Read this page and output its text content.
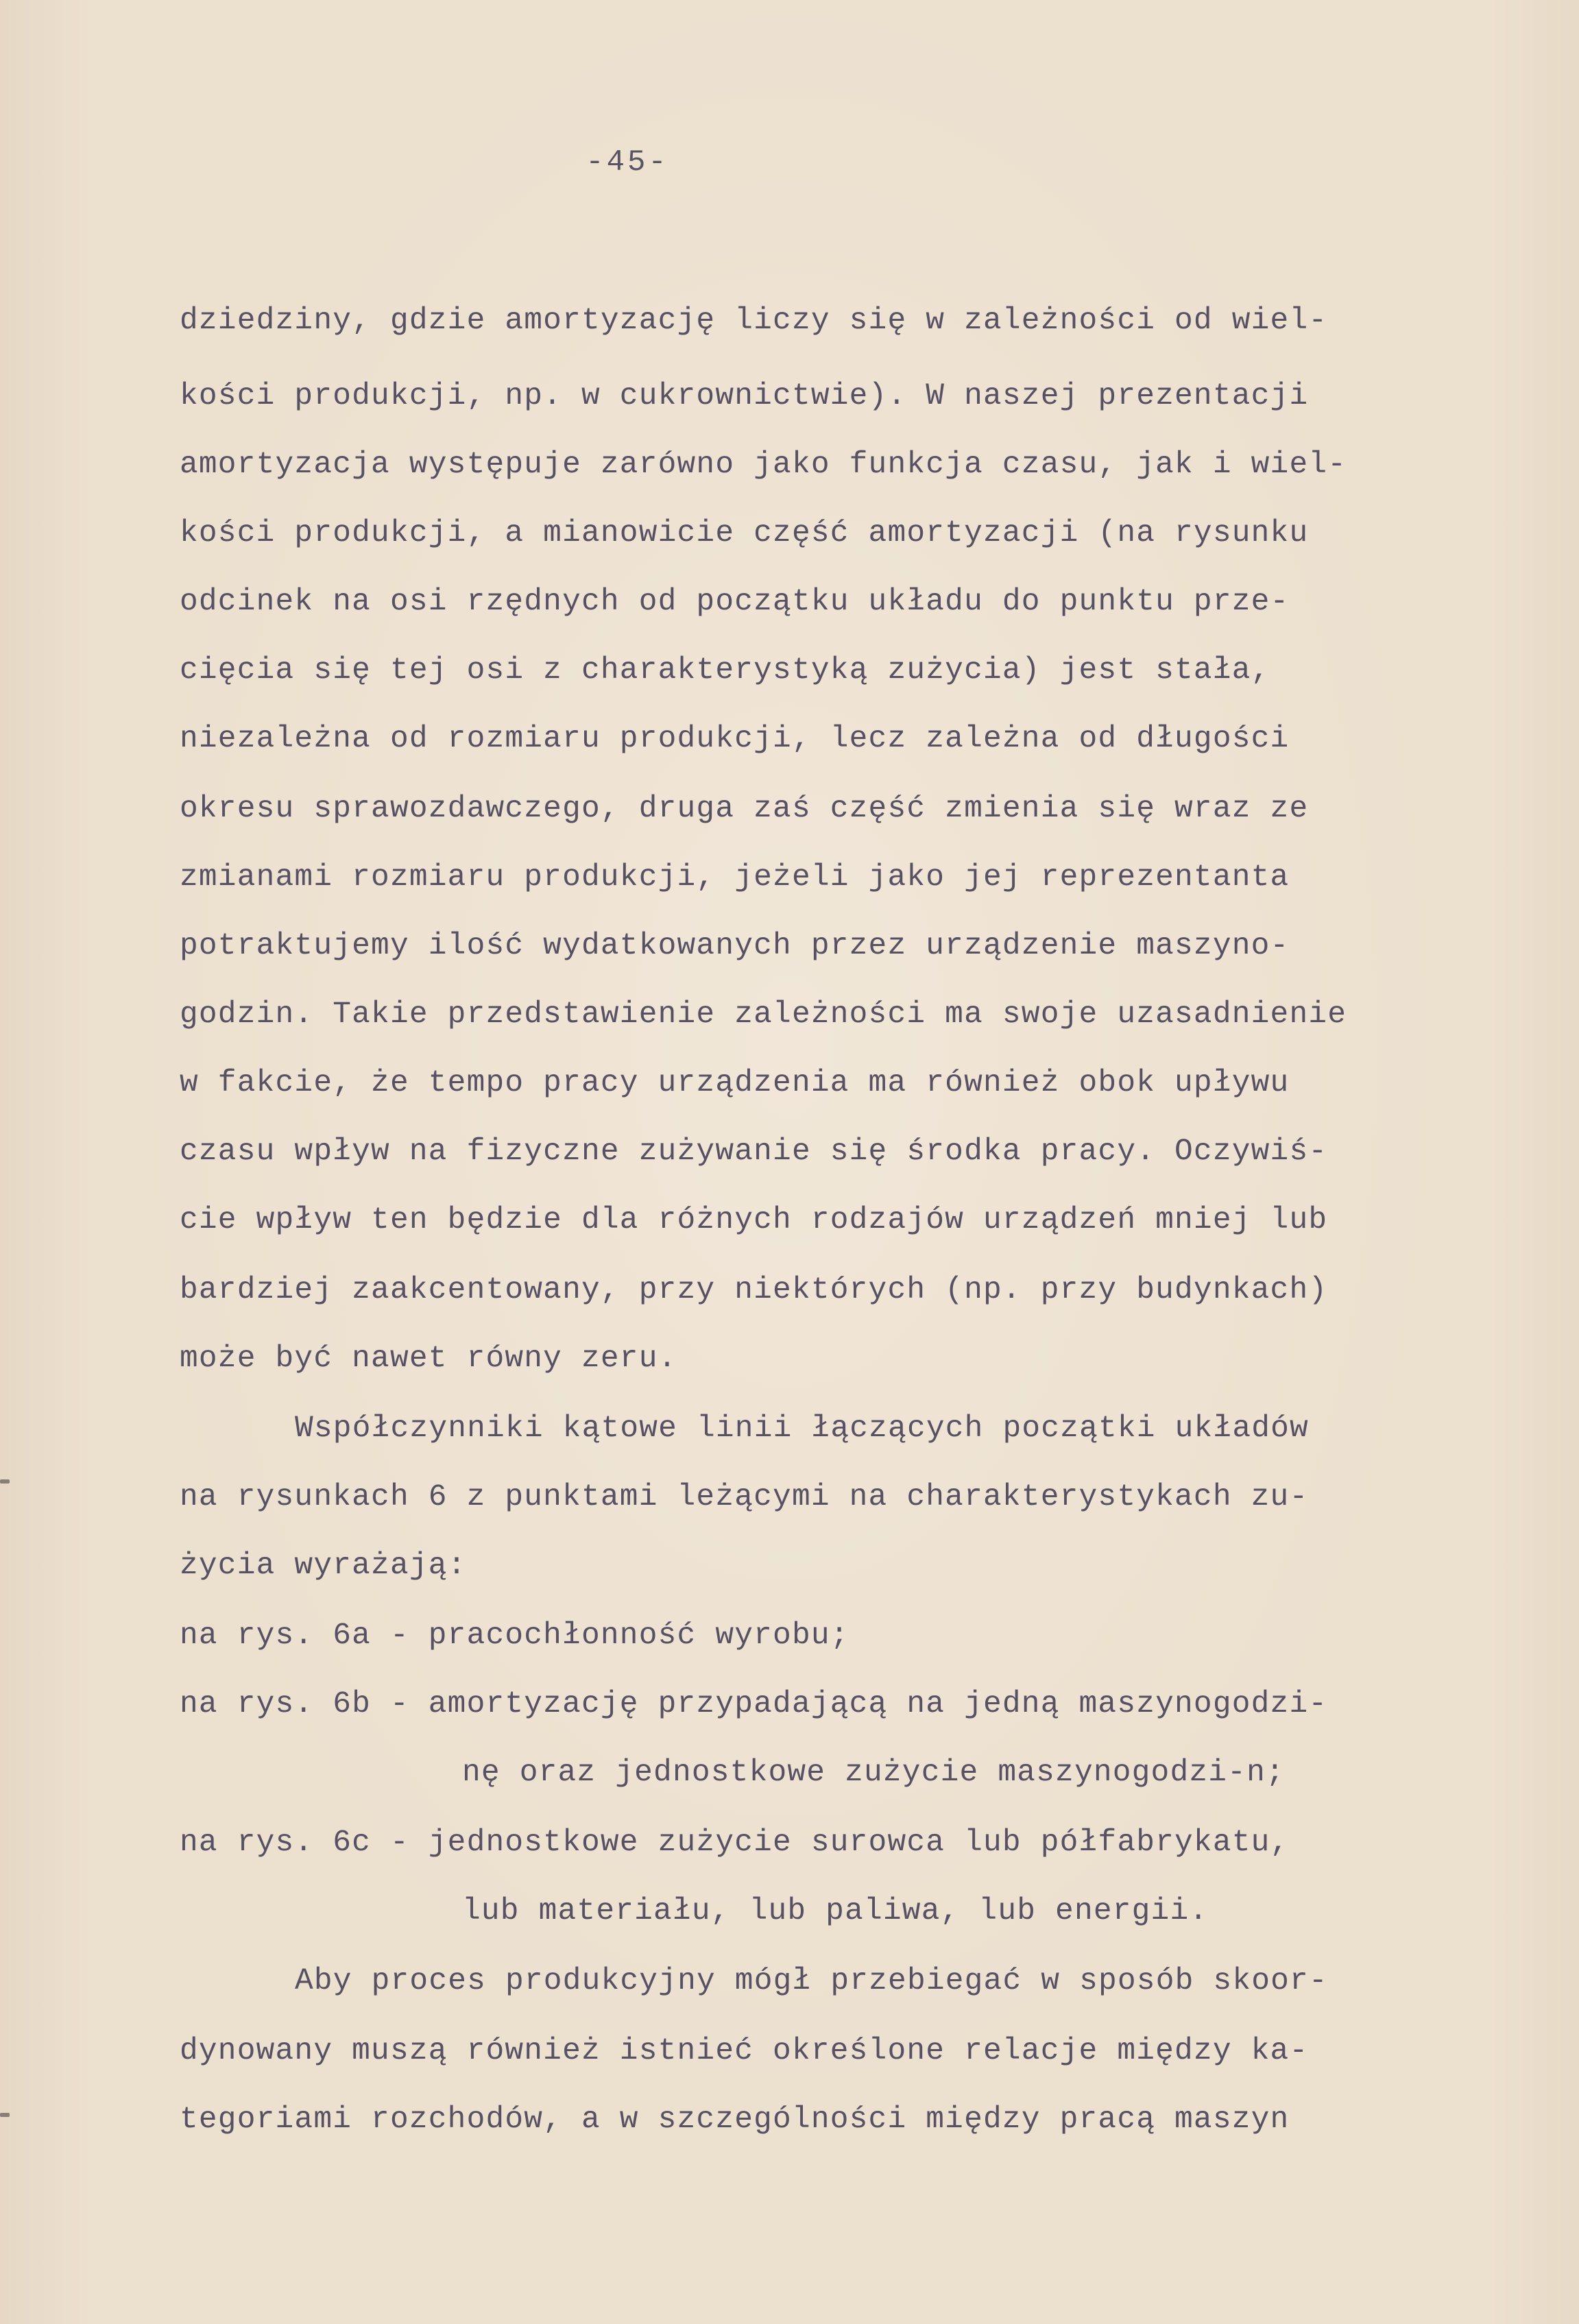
-45-
dziedziny, gdzie amortyzację liczy się w zależności od wiel-
kości produkcji, np. w cukrownictwie). W naszej prezentacji
amortyzacja występuje zarówno jako funkcja czasu, jak i wiel-
kości produkcji, a mianowicie część amortyzacji (na rysunku
odcinek na osi rzędnych od początku układu do punktu prze-
cięcia się tej osi z charakterystyką zużycia) jest stała,
niezależna od rozmiaru produkcji, lecz zależna od długości
okresu sprawozdawczego, druga zaś część zmienia się wraz ze
zmianami rozmiaru produkcji, jeżeli jako jej reprezentanta
potraktujemy ilość wydatkowanych przez urządzenie maszyno-
godzin. Takie przedstawienie zależności ma swoje uzasadnienie
w fakcie, że tempo pracy urządzenia ma również obok upływu
czasu wpływ na fizyczne zużywanie się środka pracy. Oczywiś-
cie wpływ ten będzie dla różnych rodzajów urządzeń mniej lub
bardziej zaakcentowany, przy niektórych (np. przy budynkach)
może być nawet równy zeru.
Współczynniki kątowe linii łączących początki układów
na rysunkach 6 z punktami leżącymi na charakterystykach zu-
życia wyrażają:
na rys. 6a - pracochłonność wyrobu;
na rys. 6b - amortyzację przypadającą na jedną maszynogodzi-
nę oraz jednostkowe zużycie maszynogodzi-n;
na rys. 6c - jednostkowe zużycie surowca lub półfabrykatu,
lub materiału, lub paliwa, lub energii.
Aby proces produkcyjny mógł przebiegać w sposób skoor-
dynowany muszą również istnieć określone relacje między ka-
tegoriami rozchodów, a w szczególności między pracą maszyn
